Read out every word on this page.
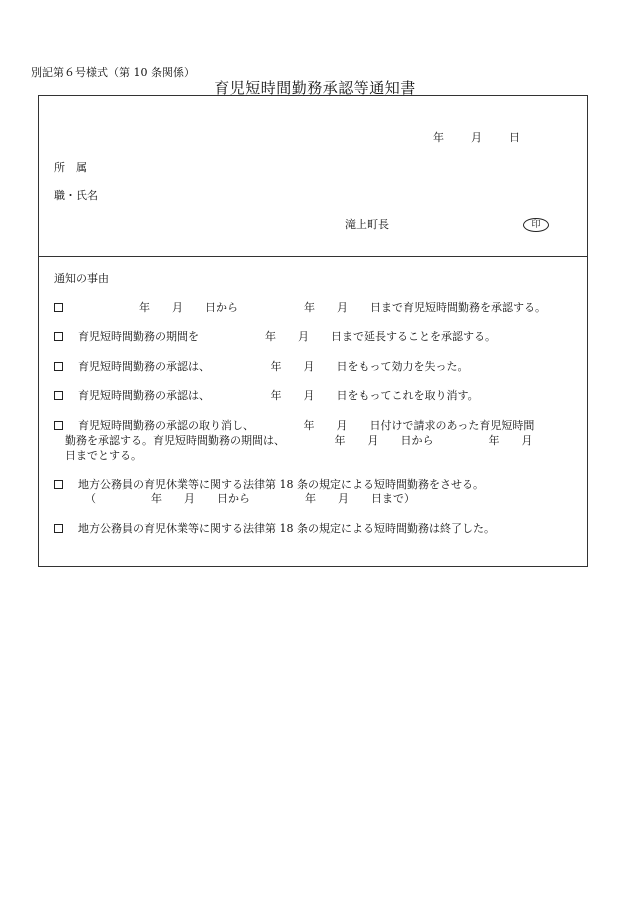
別記第６号様式（第 10 条関係）
育児短時間勤務承認等通知書
年 月 日
所　属
職・氏名
滝上町長	印
通知の事由
年　　月　　日から　　　　　　年　　月　　日まで育児短時間勤務を承認する。
育児短時間勤務の期間を　　　　　　年　　月　　日まで延長することを承認する。
育児短時間勤務の承認は、　　　　　　年　　月　　日をもって効力を失った。
育児短時間勤務の承認は、　　　　　　年　　月　　日をもってこれを取り消す。
育児短時間勤務の承認の取り消し、　　　　　年　　月　　日付けで請求のあった育児短時間
勤務を承認する。育児短時間勤務の期間は、　　　　　年　　月　　日から　　　　　年　　月
日までとする。
地方公務員の育児休業等に関する法律第 18 条の規定による短時間勤務をさせる。
（　　　　　年　　月　　日から　　　　　年　　月　　日まで）
地方公務員の育児休業等に関する法律第 18 条の規定による短時間勤務は終了した。
